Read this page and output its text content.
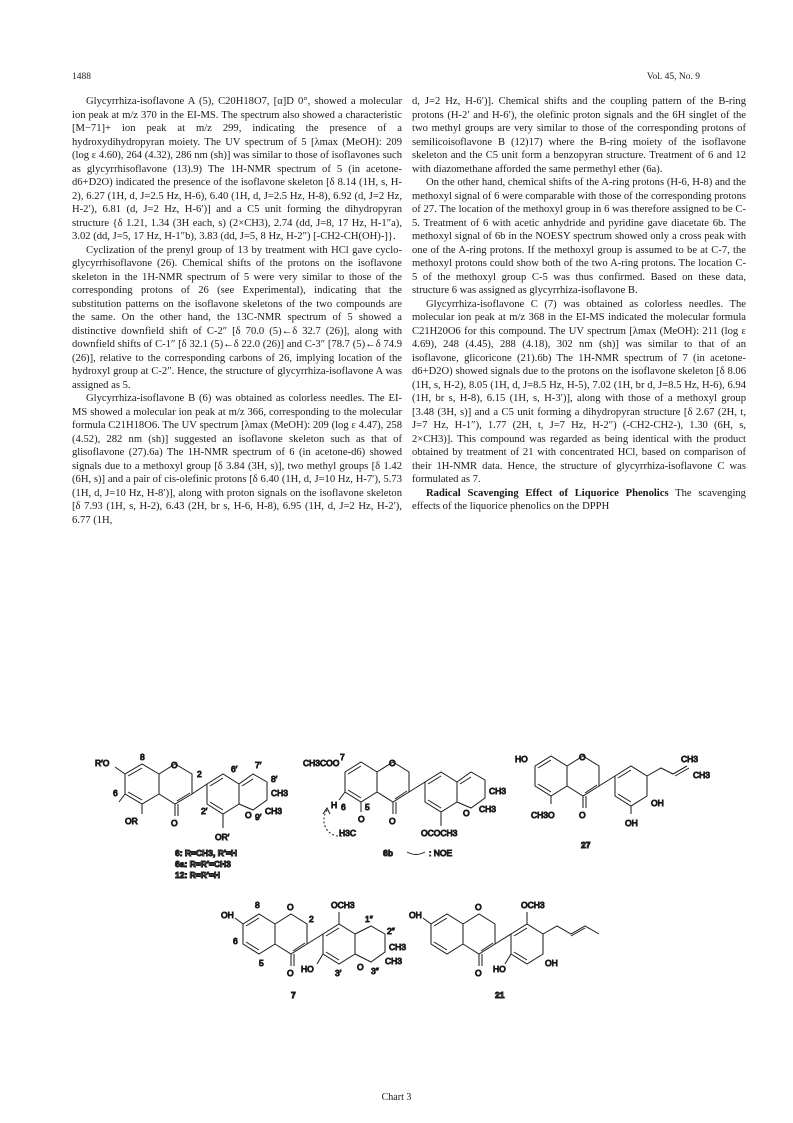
1488	Vol. 45, No. 9

Glycyrrhiza-isoflavone A (5), C20H18O7, [α]D 0°, showed a molecular ion peak at m/z 370 in the EI-MS. The spectrum also showed a characteristic [M−71]+ ion peak at m/z 299, indicating the presence of a hydroxydihydropyran moiety. The UV spectrum of 5 [λmax (MeOH): 209 (log ε 4.60), 264 (4.32), 286 nm (sh)] was similar to those of isoflavones such as glycyrrhisoflavone (13).9) The 1H-NMR spectrum of 5 (in acetone-d6+D2O) indicated the presence of the isoflavone skeleton [δ 8.14 (1H, s, H-2), 6.27 (1H, d, J=2.5 Hz, H-6), 6.40 (1H, d, J=2.5 Hz, H-8), 6.92 (d, J=2 Hz, H-2′), 6.81 (d, J=2 Hz, H-6′)] and a C5 unit forming the dihydropyran structure {δ 1.21, 1.34 (3H each, s) (2×CH3), 2.74 (dd, J=8, 17 Hz, H-1″a), 3.02 (dd, J=5, 17 Hz, H-1″b), 3.83 (dd, J=5, 8 Hz, H-2″) [-CH2-CH(OH)-]}.

Cyclization of the prenyl group of 13 by treatment with HCl gave cyclo-glycyrrhisoflavone (26). Chemical shifts of the protons on the isoflavone skeleton in the 1H-NMR spectrum of 5 were very similar to those of the corresponding protons of 26 (see Experimental), indicating that the substitution patterns on the isoflavone skeletons of the two compounds are the same. On the other hand, the 13C-NMR spectrum of 5 showed a distinctive downfield shift of C-2″ [δ 70.0 (5)←δ 32.7 (26)], along with downfield shifts of C-1″ [δ 32.1 (5)←δ 22.0 (26)] and C-3″ [78.7 (5)←δ 74.9 (26)], relative to the corresponding carbons of 26, implying location of the hydroxyl group at C-2″. Hence, the structure of glycyrrhiza-isoflavone A was assigned as 5.

Glycyrrhiza-isoflavone B (6) was obtained as colorless needles. The EI-MS showed a molecular ion peak at m/z 366, corresponding to the molecular formula C21H18O6. The UV spectrum [λmax (MeOH): 209 (log ε 4.47), 258 (4.52), 282 nm (sh)] suggested an isoflavone skeleton such as that of glisoflavone (27).6a) The 1H-NMR spectrum of 6 (in acetone-d6) showed signals due to a methoxyl group [δ 3.84 (3H, s)], two methyl groups [δ 1.42 (6H, s)] and a pair of cis-olefinic protons [δ 6.40 (1H, d, J=10 Hz, H-7′), 5.73 (1H, d, J=10 Hz, H-8′)], along with proton signals on the isoflavone skeleton [δ 7.93 (1H, s, H-2), 6.43 (2H, br s, H-6, H-8), 6.95 (1H, d, J=2 Hz, H-2′), 6.77 (1H,

d, J=2 Hz, H-6′)]. Chemical shifts and the coupling pattern of the B-ring protons (H-2′ and H-6′), the olefinic proton signals and the 6H singlet of the two methyl groups are very similar to those of the corresponding protons of semilicoisoflavone B (12)17) where the B-ring moiety of the isoflavone skeleton and the C5 unit form a benzopyran structure. Treatment of 6 and 12 with diazomethane afforded the same permethyl ether (6a).

On the other hand, chemical shifts of the A-ring protons (H-6, H-8) and the methoxyl signal of 6 were comparable with those of the corresponding protons of 27. The location of the methoxyl group in 6 was therefore assigned to be C-5. Treatment of 6 with acetic anhydride and pyridine gave diacetate 6b. The methoxyl signal of 6b in the NOESY spectrum showed only a cross peak with one of the A-ring protons. If the methoxyl group is assumed to be at C-7, the methoxyl protons could show both of the two A-ring protons. The location C-5 of the methoxyl group C-5 was thus confirmed. Based on these data, structure 6 was assigned as glycyrrhiza-isoflavone B.

Glycyrrhiza-isoflavone C (7) was obtained as colorless needles. The molecular ion peak at m/z 368 in the EI-MS indicated the molecular formula C21H20O6 for this compound. The UV spectrum [λmax (MeOH): 211 (log ε 4.69), 248 (4.45), 288 (4.18), 302 nm (sh)] was similar to that of an isoflavone, glicoricone (21).6b) The 1H-NMR spectrum of 7 (in acetone-d6+D2O) showed signals due to the protons on the isoflavone skeleton [δ 8.06 (1H, s, H-2), 8.05 (1H, d, J=8.5 Hz, H-5), 7.02 (1H, br d, J=8.5 Hz, H-6), 6.94 (1H, br s, H-8), 6.15 (1H, s, H-3′)], along with those of a methoxyl group [3.48 (3H, s)] and a C5 unit forming a dihydropyran structure [δ 2.67 (2H, t, J=7 Hz, H-1″), 1.77 (2H, t, J=7 Hz, H-2″) (-CH2-CH2-), 1.30 (6H, s, 2×CH3)]. This compound was regarded as being identical with the product obtained by treatment of 21 with concentrated HCl, based on comparison of their 1H-NMR data. Hence, the structure of glycyrrhiza-isoflavone C was formulated as 7.

Radical Scavenging Effect of Liquorice Phenolics The scavenging effects of the liquorice phenolics on the DPPH

R′O
8
2
O
6
OR	O
6′ 7′
8′
CH3
2′	O 9′
CH3
OR′
6: R=CH3, R′=H
6a: R=R′=CH3
12: R=R′=H
CH3COO
7
O
H 6 5
O
H3C
O
CH3
O CH3
OCOCH3
6b	: NOE
HO	O
CH3O	O
CH3
CH3
OH
OH
27
OH
8	O
2
6
5
O
OCH3
1″
2″
CH3
HO	3′
O 3″
CH3
7
OH
O
O
OCH3
HO
OH
21
Chart 3
